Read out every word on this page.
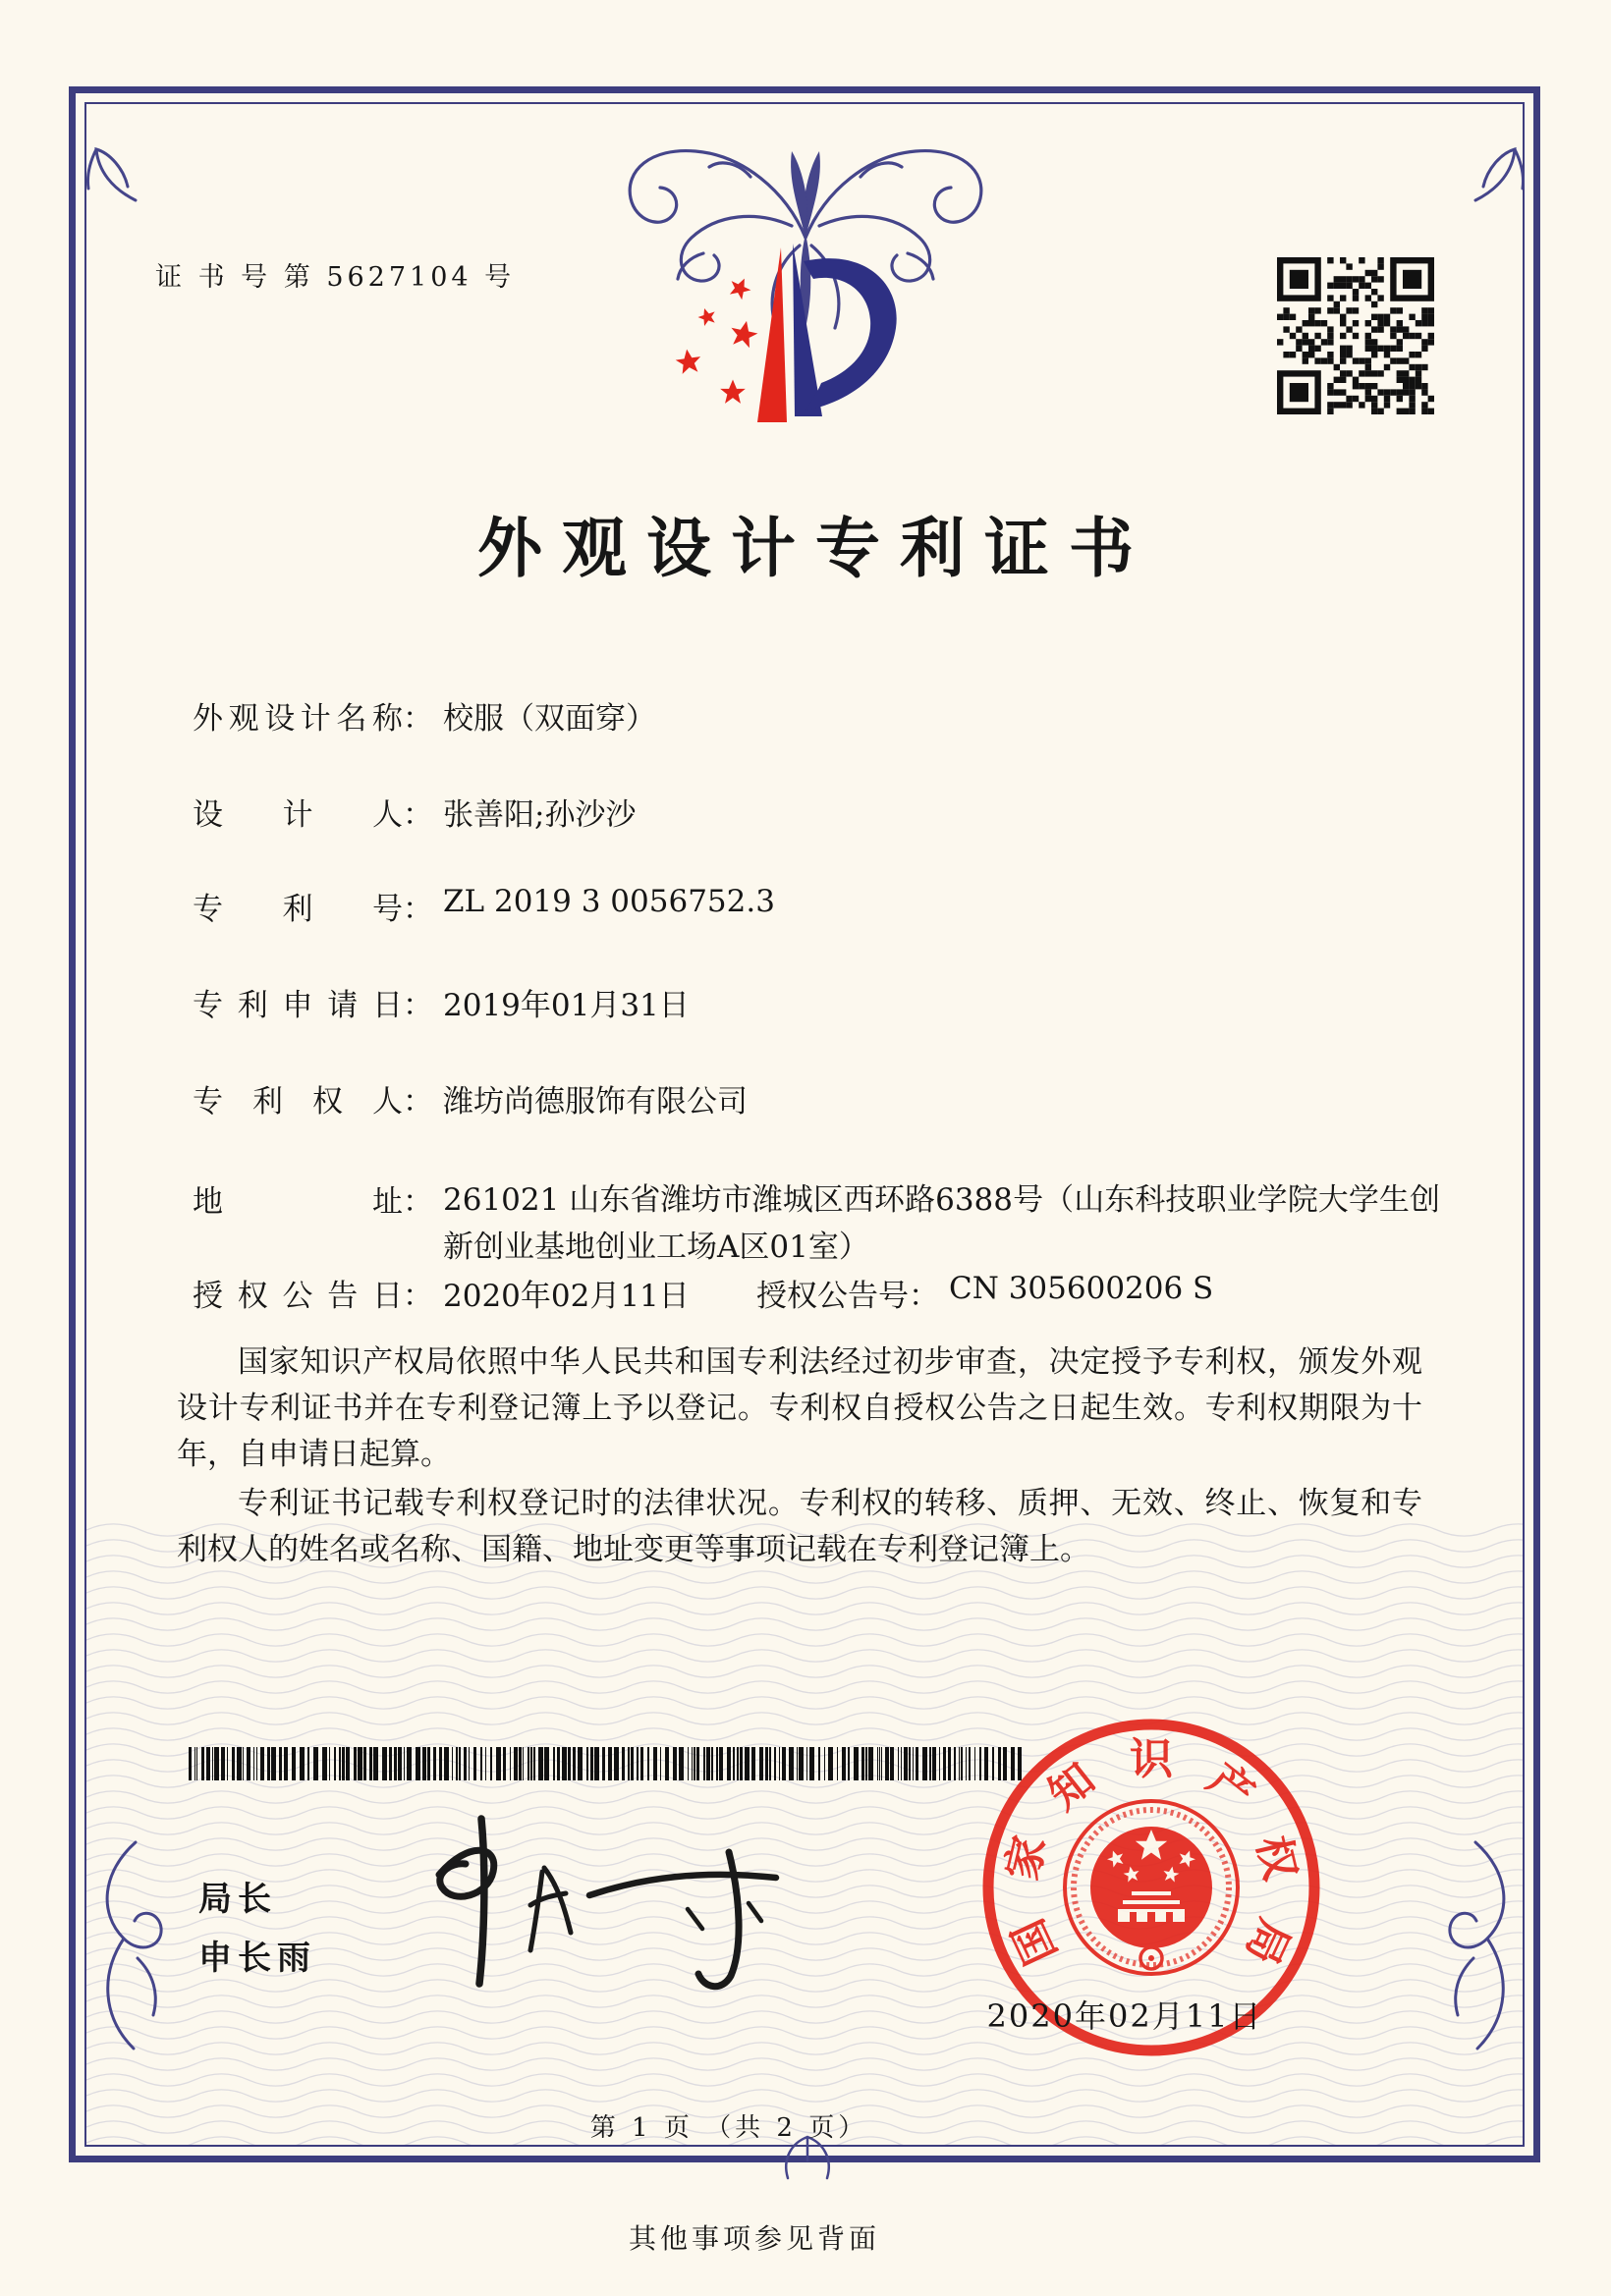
证 书 号 第 5627104 号
外观设计专利证书
外观设计名称： 校服（双面穿）
设计人： 张善阳;孙沙沙
专利号： ZL 2019 3 0056752.3
专利申请日： 2019年01月31日
专利权人： 潍坊尚德服饰有限公司
地址： 261021 山东省潍坊市潍城区西环路6388号（山东科技职业学院大学生创新创业基地创业工场A区01室）
授权公告日： 2020年02月11日 授权公告号： CN 305600206 S

国家知识产权局依照中华人民共和国专利法经过初步审查，决定授予专利权，颁发外观设计专利证书并在专利登记簿上予以登记。专利权自授权公告之日起生效。专利权期限为十年，自申请日起算。

专利证书记载专利权登记时的法律状况。专利权的转移、质押、无效、终止、恢复和专利权人的姓名或名称、国籍、地址变更等事项记载在专利登记簿上。

局长
申长雨	国
家
知 识 产
权
局
2020年02月11日
第 1 页 （共 2 页）
其他事项参见背面
